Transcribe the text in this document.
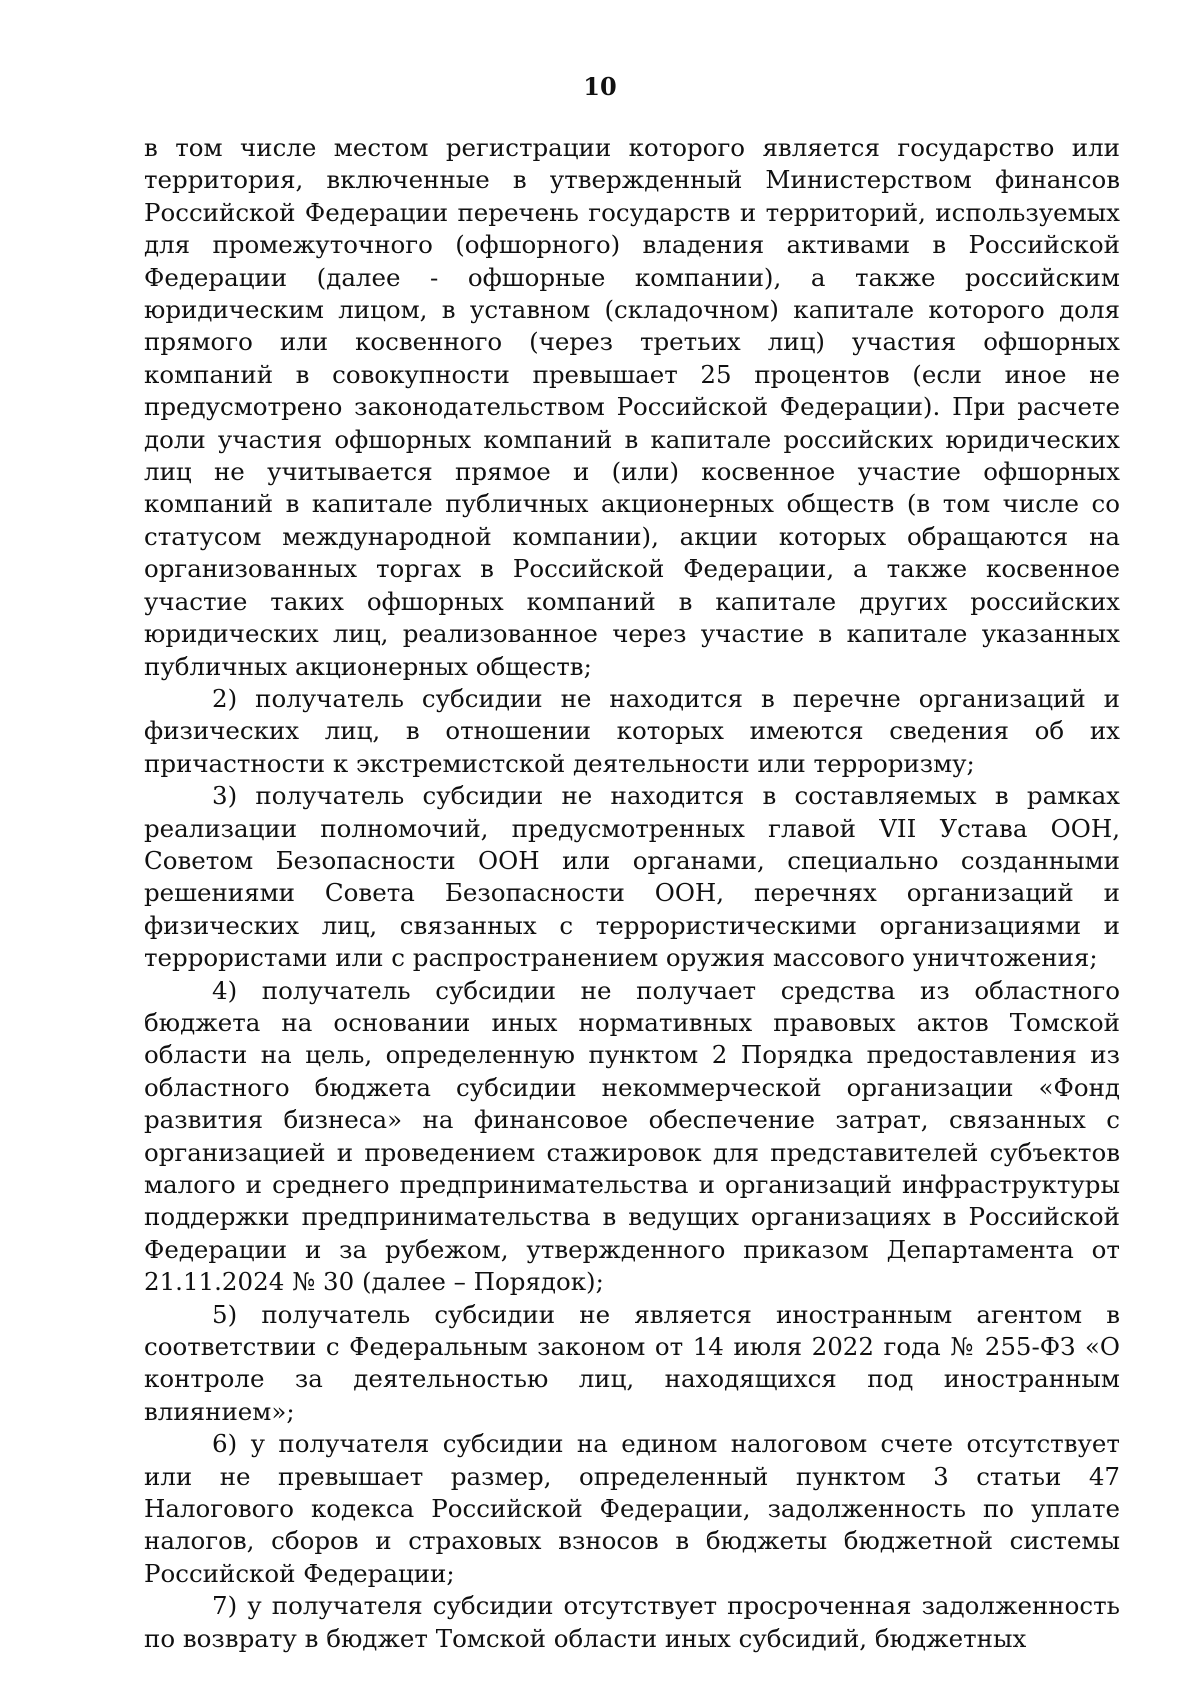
10

в том числе местом регистрации которого является государство или территория, включенные в утвержденный Министерством финансов Российской Федерации перечень государств и территорий, используемых для промежуточного (офшорного) владения активами в Российской Федерации (далее - офшорные компании), а также российским юридическим лицом, в уставном (складочном) капитале которого доля прямого или косвенного (через третьих лиц) участия офшорных компаний в совокупности превышает 25 процентов (если иное не предусмотрено законодательством Российской Федерации). При расчете доли участия офшорных компаний в капитале российских юридических лиц не учитывается прямое и (или) косвенное участие офшорных компаний в капитале публичных акционерных обществ (в том числе со статусом международной компании), акции которых обращаются на организованных торгах в Российской Федерации, а также косвенное участие таких офшорных компаний в капитале других российских юридических лиц, реализованное через участие в капитале указанных публичных акционерных обществ;

2) получатель субсидии не находится в перечне организаций и физических лиц, в отношении которых имеются сведения об их причастности к экстремистской деятельности или терроризму;

3) получатель субсидии не находится в составляемых в рамках реализации полномочий, предусмотренных главой VII Устава ООН, Советом Безопасности ООН или органами, специально созданными решениями Совета Безопасности ООН, перечнях организаций и физических лиц, связанных с террористическими организациями и террористами или с распространением оружия массового уничтожения;

4) получатель субсидии не получает средства из областного бюджета на основании иных нормативных правовых актов Томской области на цель, определенную пунктом 2 Порядка предоставления из областного бюджета субсидии некоммерческой организации «Фонд развития бизнеса» на финансовое обеспечение затрат, связанных с организацией и проведением стажировок для представителей субъектов малого и среднего предпринимательства и организаций инфраструктуры поддержки предпринимательства в ведущих организациях в Российской Федерации и за рубежом, утвержденного приказом Департамента от 21.11.2024 № 30 (далее – Порядок);

5) получатель субсидии не является иностранным агентом в соответствии с Федеральным законом от 14 июля 2022 года № 255-ФЗ «О контроле за деятельностью лиц, находящихся под иностранным влиянием»;

6) у получателя субсидии на едином налоговом счете отсутствует или не превышает размер, определенный пунктом 3 статьи 47 Налогового кодекса Российской Федерации, задолженность по уплате налогов, сборов и страховых взносов в бюджеты бюджетной системы Российской Федерации;

7) у получателя субсидии отсутствует просроченная задолженность по возврату в бюджет Томской области иных субсидий, бюджетных
